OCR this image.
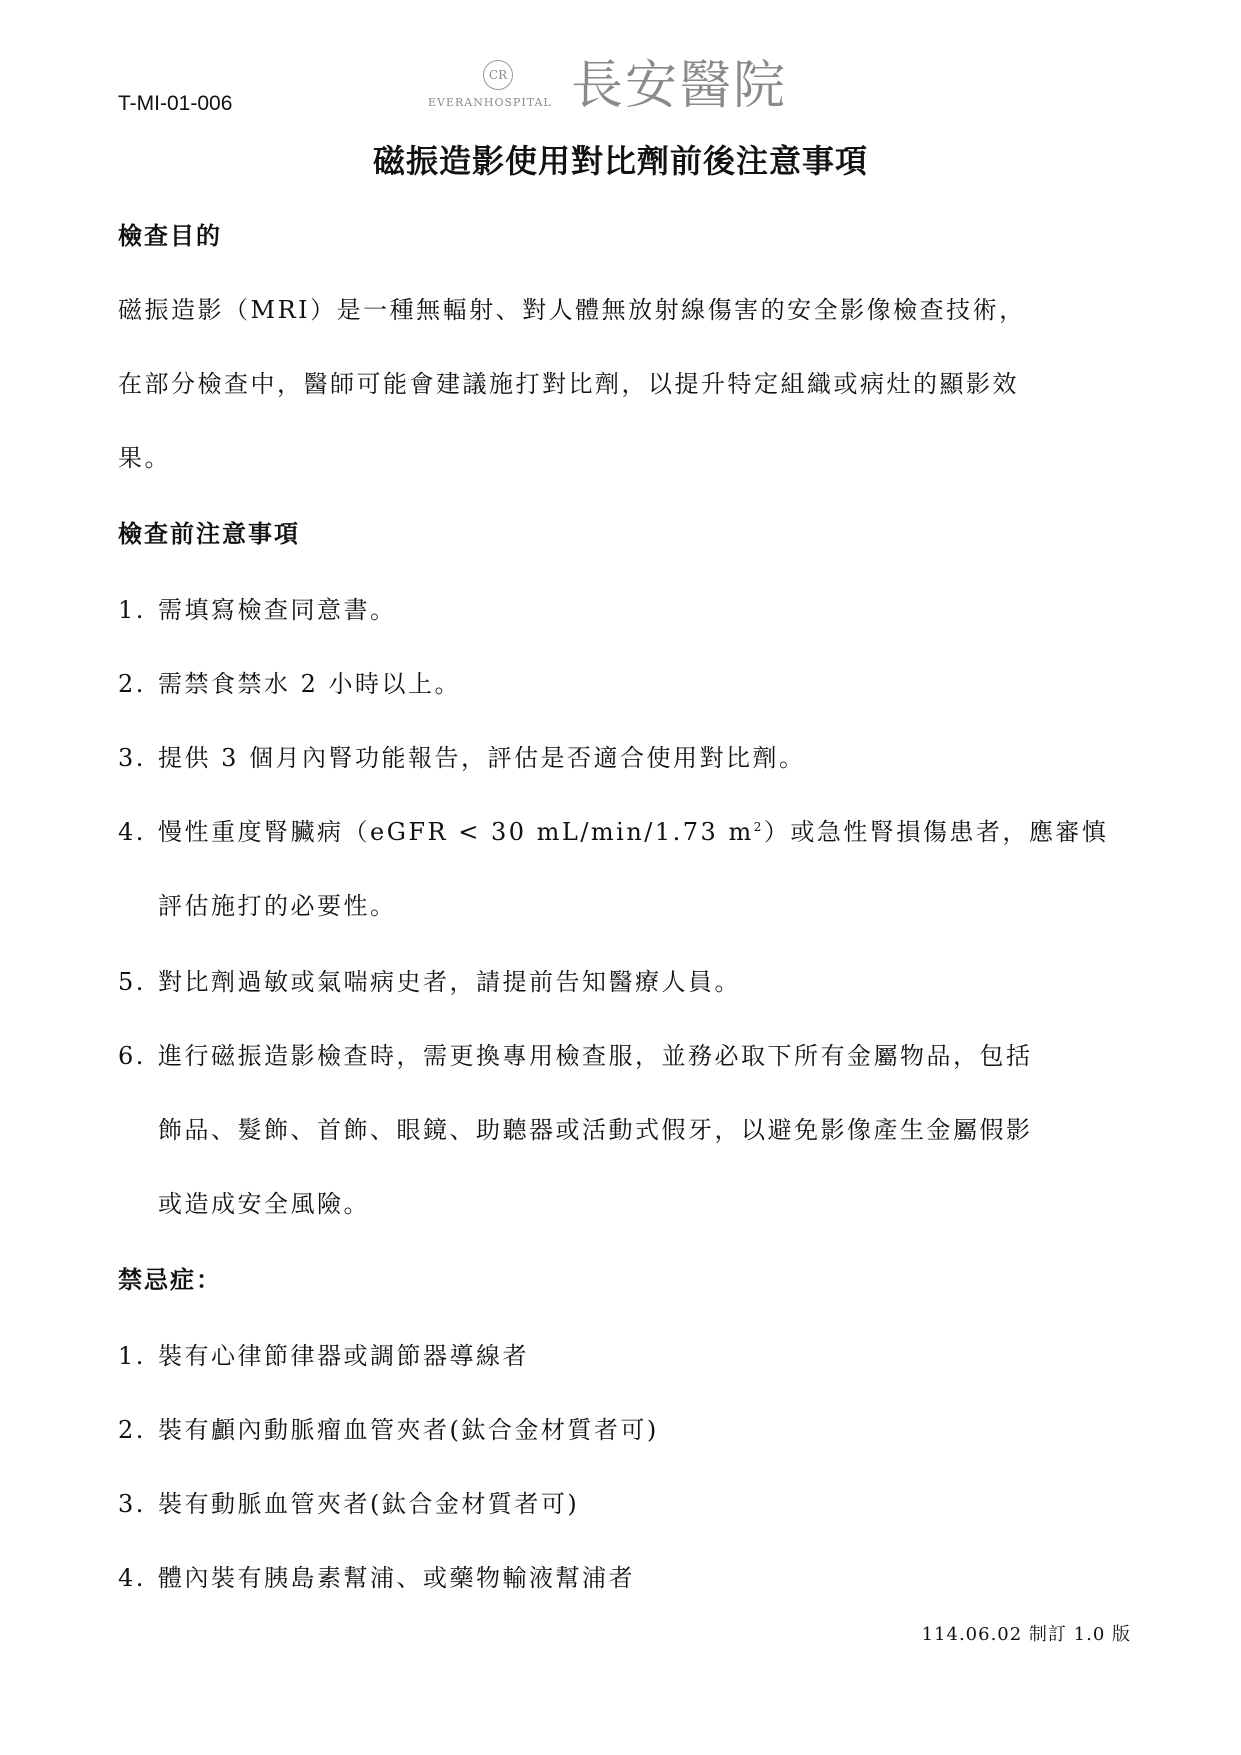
T-MI-01-006
CR
EVERANHOSPITAL 長安醫院
磁振造影使用對比劑前後注意事項
檢查目的
磁振造影（MRI）是一種無輻射、對人體無放射線傷害的安全影像檢查技術，
在部分檢查中，醫師可能會建議施打對比劑，以提升特定組織或病灶的顯影效
果。
檢查前注意事項
1. 需填寫檢查同意書。
2. 需禁食禁水 2 小時以上。
3. 提供 3 個月內腎功能報告，評估是否適合使用對比劑。
4. 慢性重度腎臟病（eGFR < 30 mL/min/1.73 $m^2$）或急性腎損傷患者，應審慎
評估施打的必要性。
5. 對比劑過敏或氣喘病史者，請提前告知醫療人員。
6. 進行磁振造影檢查時，需更換專用檢查服，並務必取下所有金屬物品，包括
飾品、髮飾、首飾、眼鏡、助聽器或活動式假牙，以避免影像產生金屬假影
或造成安全風險。
禁忌症：
1. 裝有心律節律器或調節器導線者
2. 裝有顱內動脈瘤血管夾者(鈦合金材質者可)
3. 裝有動脈血管夾者(鈦合金材質者可)
4. 體內裝有胰島素幫浦、或藥物輸液幫浦者
114.06.02 制訂 1.0 版
